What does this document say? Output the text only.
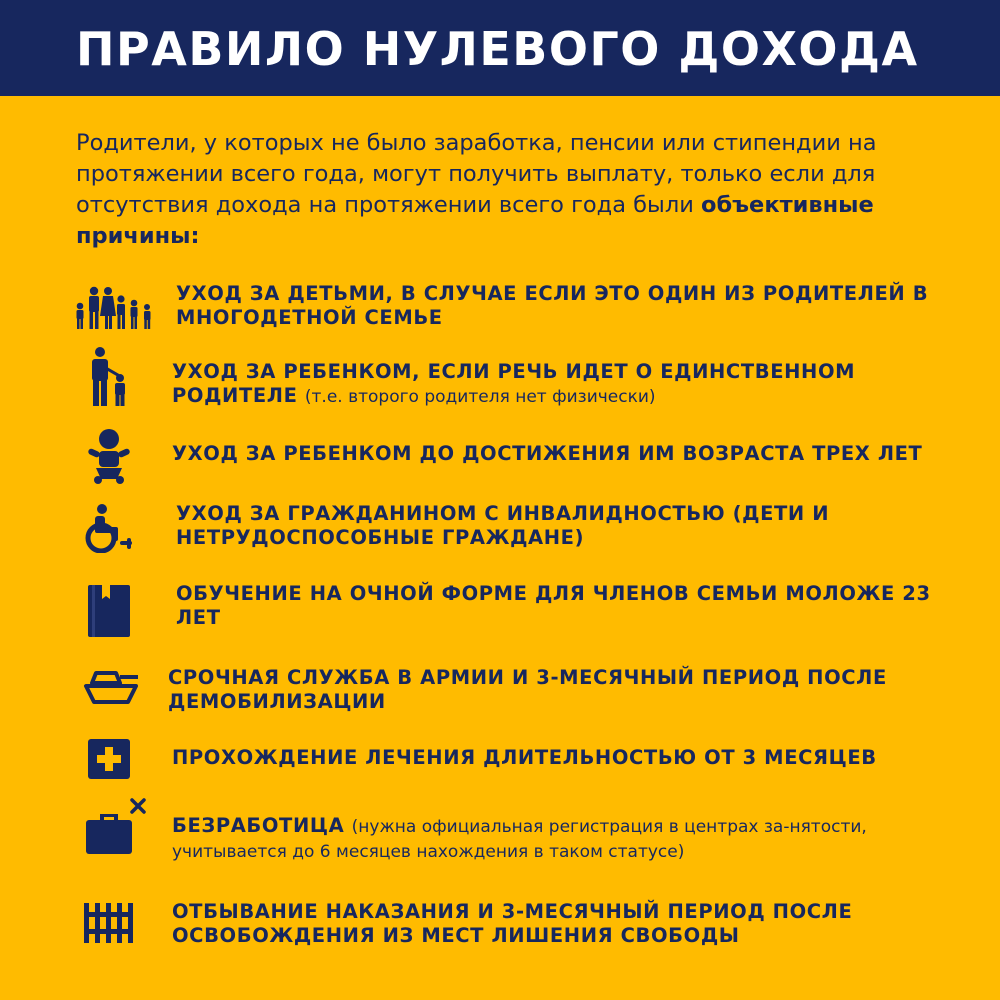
ПРАВИЛО НУЛЕВОГО ДОХОДА
Родители, у которых не было заработка, пенсии или стипендии на протяжении всего года, могут получить выплату, только если для отсутствия дохода на протяжении всего года были объективные причины:
УХОД ЗА ДЕТЬМИ, В СЛУЧАЕ ЕСЛИ ЭТО ОДИН ИЗ РОДИТЕЛЕЙ В МНОГОДЕТНОЙ СЕМЬЕ
УХОД ЗА РЕБЕНКОМ, ЕСЛИ РЕЧЬ ИДЕТ О ЕДИНСТВЕННОМ РОДИТЕЛЕ (т.е. второго родителя нет физически)
УХОД ЗА РЕБЕНКОМ ДО ДОСТИЖЕНИЯ ИМ ВОЗРАСТА ТРЕХ ЛЕТ
УХОД ЗА ГРАЖДАНИНОМ С ИНВАЛИДНОСТЬЮ (ДЕТИ И НЕТРУДОСПОСОБНЫЕ ГРАЖДАНЕ)
ОБУЧЕНИЕ НА ОЧНОЙ ФОРМЕ ДЛЯ ЧЛЕНОВ СЕМЬИ МОЛОЖЕ 23 ЛЕТ
СРОЧНАЯ СЛУЖБА В АРМИИ И 3-МЕСЯЧНЫЙ ПЕРИОД ПОСЛЕ ДЕМОБИЛИЗАЦИИ
ПРОХОЖДЕНИЕ ЛЕЧЕНИЯ ДЛИТЕЛЬНОСТЬЮ ОТ 3 МЕСЯЦЕВ
БЕЗРАБОТИЦА (нужна официальная регистрация в центрах за-нятости, учитывается до 6 месяцев нахождения в таком статусе)
ОТБЫВАНИЕ НАКАЗАНИЯ И 3-МЕСЯЧНЫЙ ПЕРИОД ПОСЛЕ ОСВОБОЖДЕНИЯ ИЗ МЕСТ ЛИШЕНИЯ СВОБОДЫ
